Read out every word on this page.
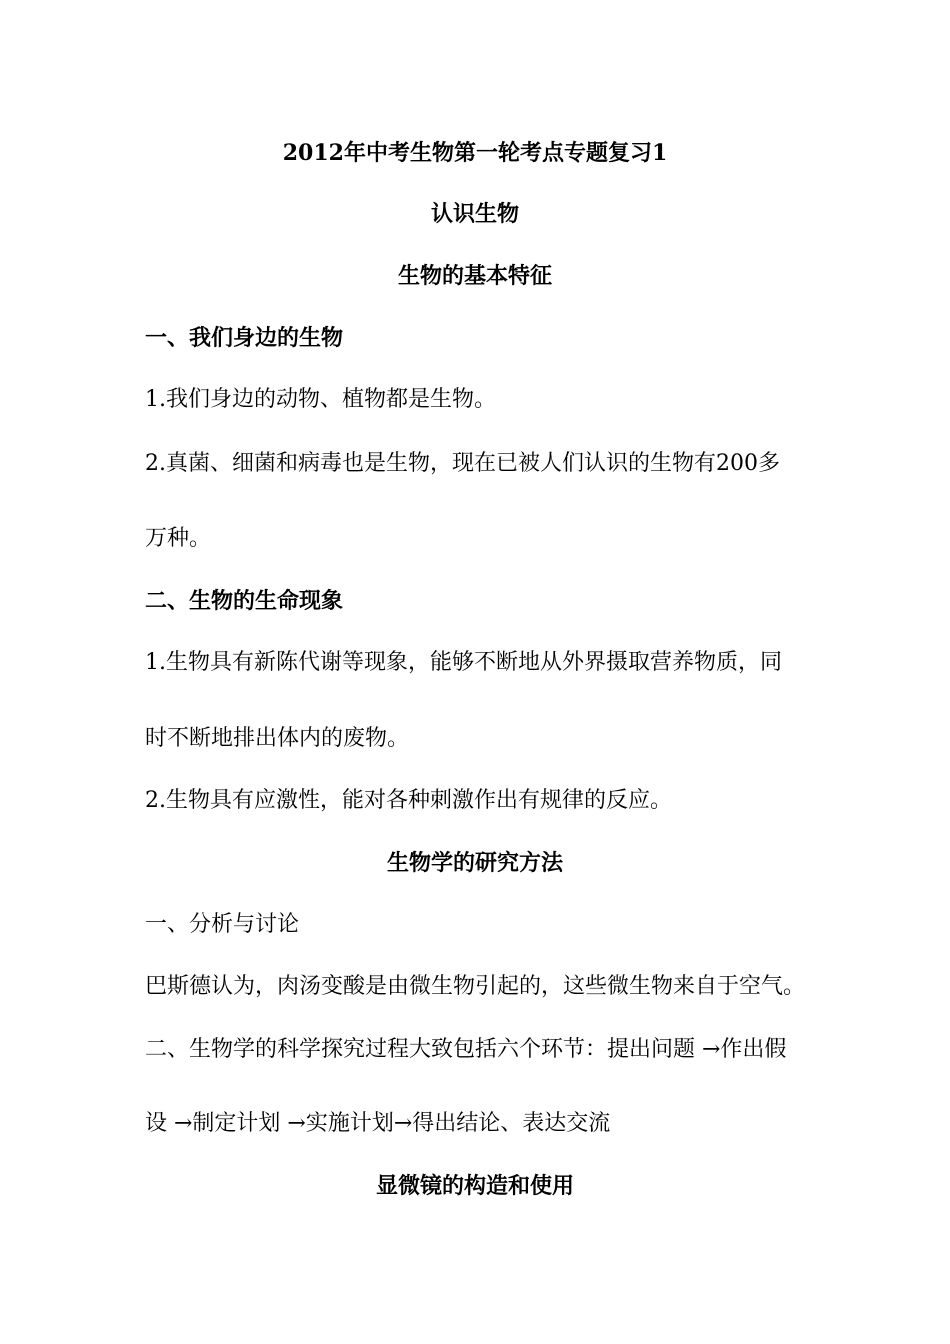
2012年中考生物第一轮考点专题复习1
认识生物
生物的基本特征
一、我们身边的生物
1.我们身边的动物、植物都是生物。
2.真菌、细菌和病毒也是生物，现在已被人们认识的生物有200多
万种。
二、生物的生命现象
1.生物具有新陈代谢等现象，能够不断地从外界摄取营养物质，同
时不断地排出体内的废物。
2.生物具有应激性，能对各种刺激作出有规律的反应。
生物学的研究方法
一、分析与讨论
巴斯德认为，肉汤变酸是由微生物引起的，这些微生物来自于空气。
二、生物学的科学探究过程大致包括六个环节：提出问题 →作出假
设 →制定计划 →实施计划→得出结论、表达交流
显微镜的构造和使用
